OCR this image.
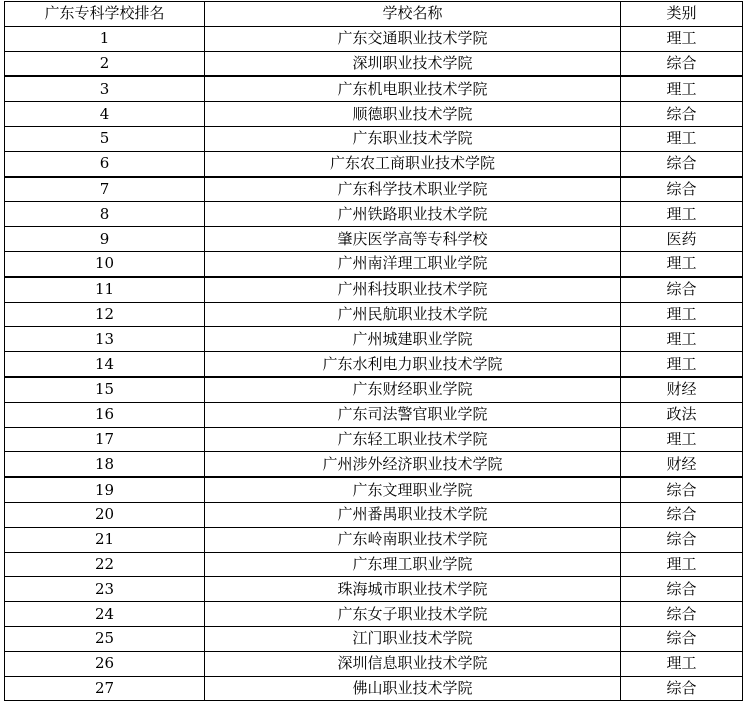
广东专科学校排名	学校名称	类别
1	广东交通职业技术学院	理工
2	深圳职业技术学院	综合
3	广东机电职业技术学院	理工
4	顺德职业技术学院	综合
5	广东职业技术学院	理工
6	广东农工商职业技术学院	综合
7	广东科学技术职业学院	综合
8	广州铁路职业技术学院	理工
9	肇庆医学高等专科学校	医药
10	广州南洋理工职业学院	理工
11	广州科技职业技术学院	综合
12	广州民航职业技术学院	理工
13	广州城建职业学院	理工
14	广东水利电力职业技术学院	理工
15	广东财经职业学院	财经
16	广东司法警官职业学院	政法
17	广东轻工职业技术学院	理工
18	广州涉外经济职业技术学院	财经
19	广东文理职业学院	综合
20	广州番禺职业技术学院	综合
21	广东岭南职业技术学院	综合
22	广东理工职业学院	理工
23	珠海城市职业技术学院	综合
24	广东女子职业技术学院	综合
25	江门职业技术学院	综合
26	深圳信息职业技术学院	理工
27	佛山职业技术学院	综合
